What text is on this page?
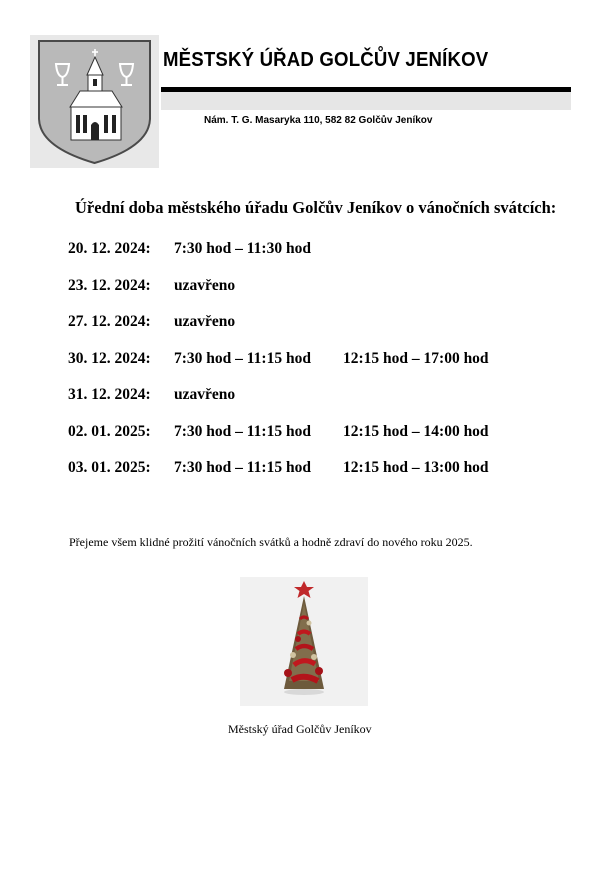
MĚSTSKÝ ÚŘAD GOLČŮV JENÍKOV
Nám. T. G. Masaryka 110, 582 82 Golčův Jeníkov
Úřední doba městského úřadu Golčův Jeníkov o vánočních svátcích:
20. 12. 2024: 7:30 hod – 11:30 hod
23. 12. 2024: uzavřeno
27. 12. 2024: uzavřeno
30. 12. 2024: 7:30 hod – 11:15 hod 12:15 hod – 17:00 hod
31. 12. 2024: uzavřeno
02. 01. 2025: 7:30 hod – 11:15 hod 12:15 hod – 14:00 hod
03. 01. 2025: 7:30 hod – 11:15 hod 12:15 hod – 13:00 hod
Přejeme všem klidné prožití vánočních svátků a hodně zdraví do nového roku 2025.
Městský úřad Golčův Jeníkov
